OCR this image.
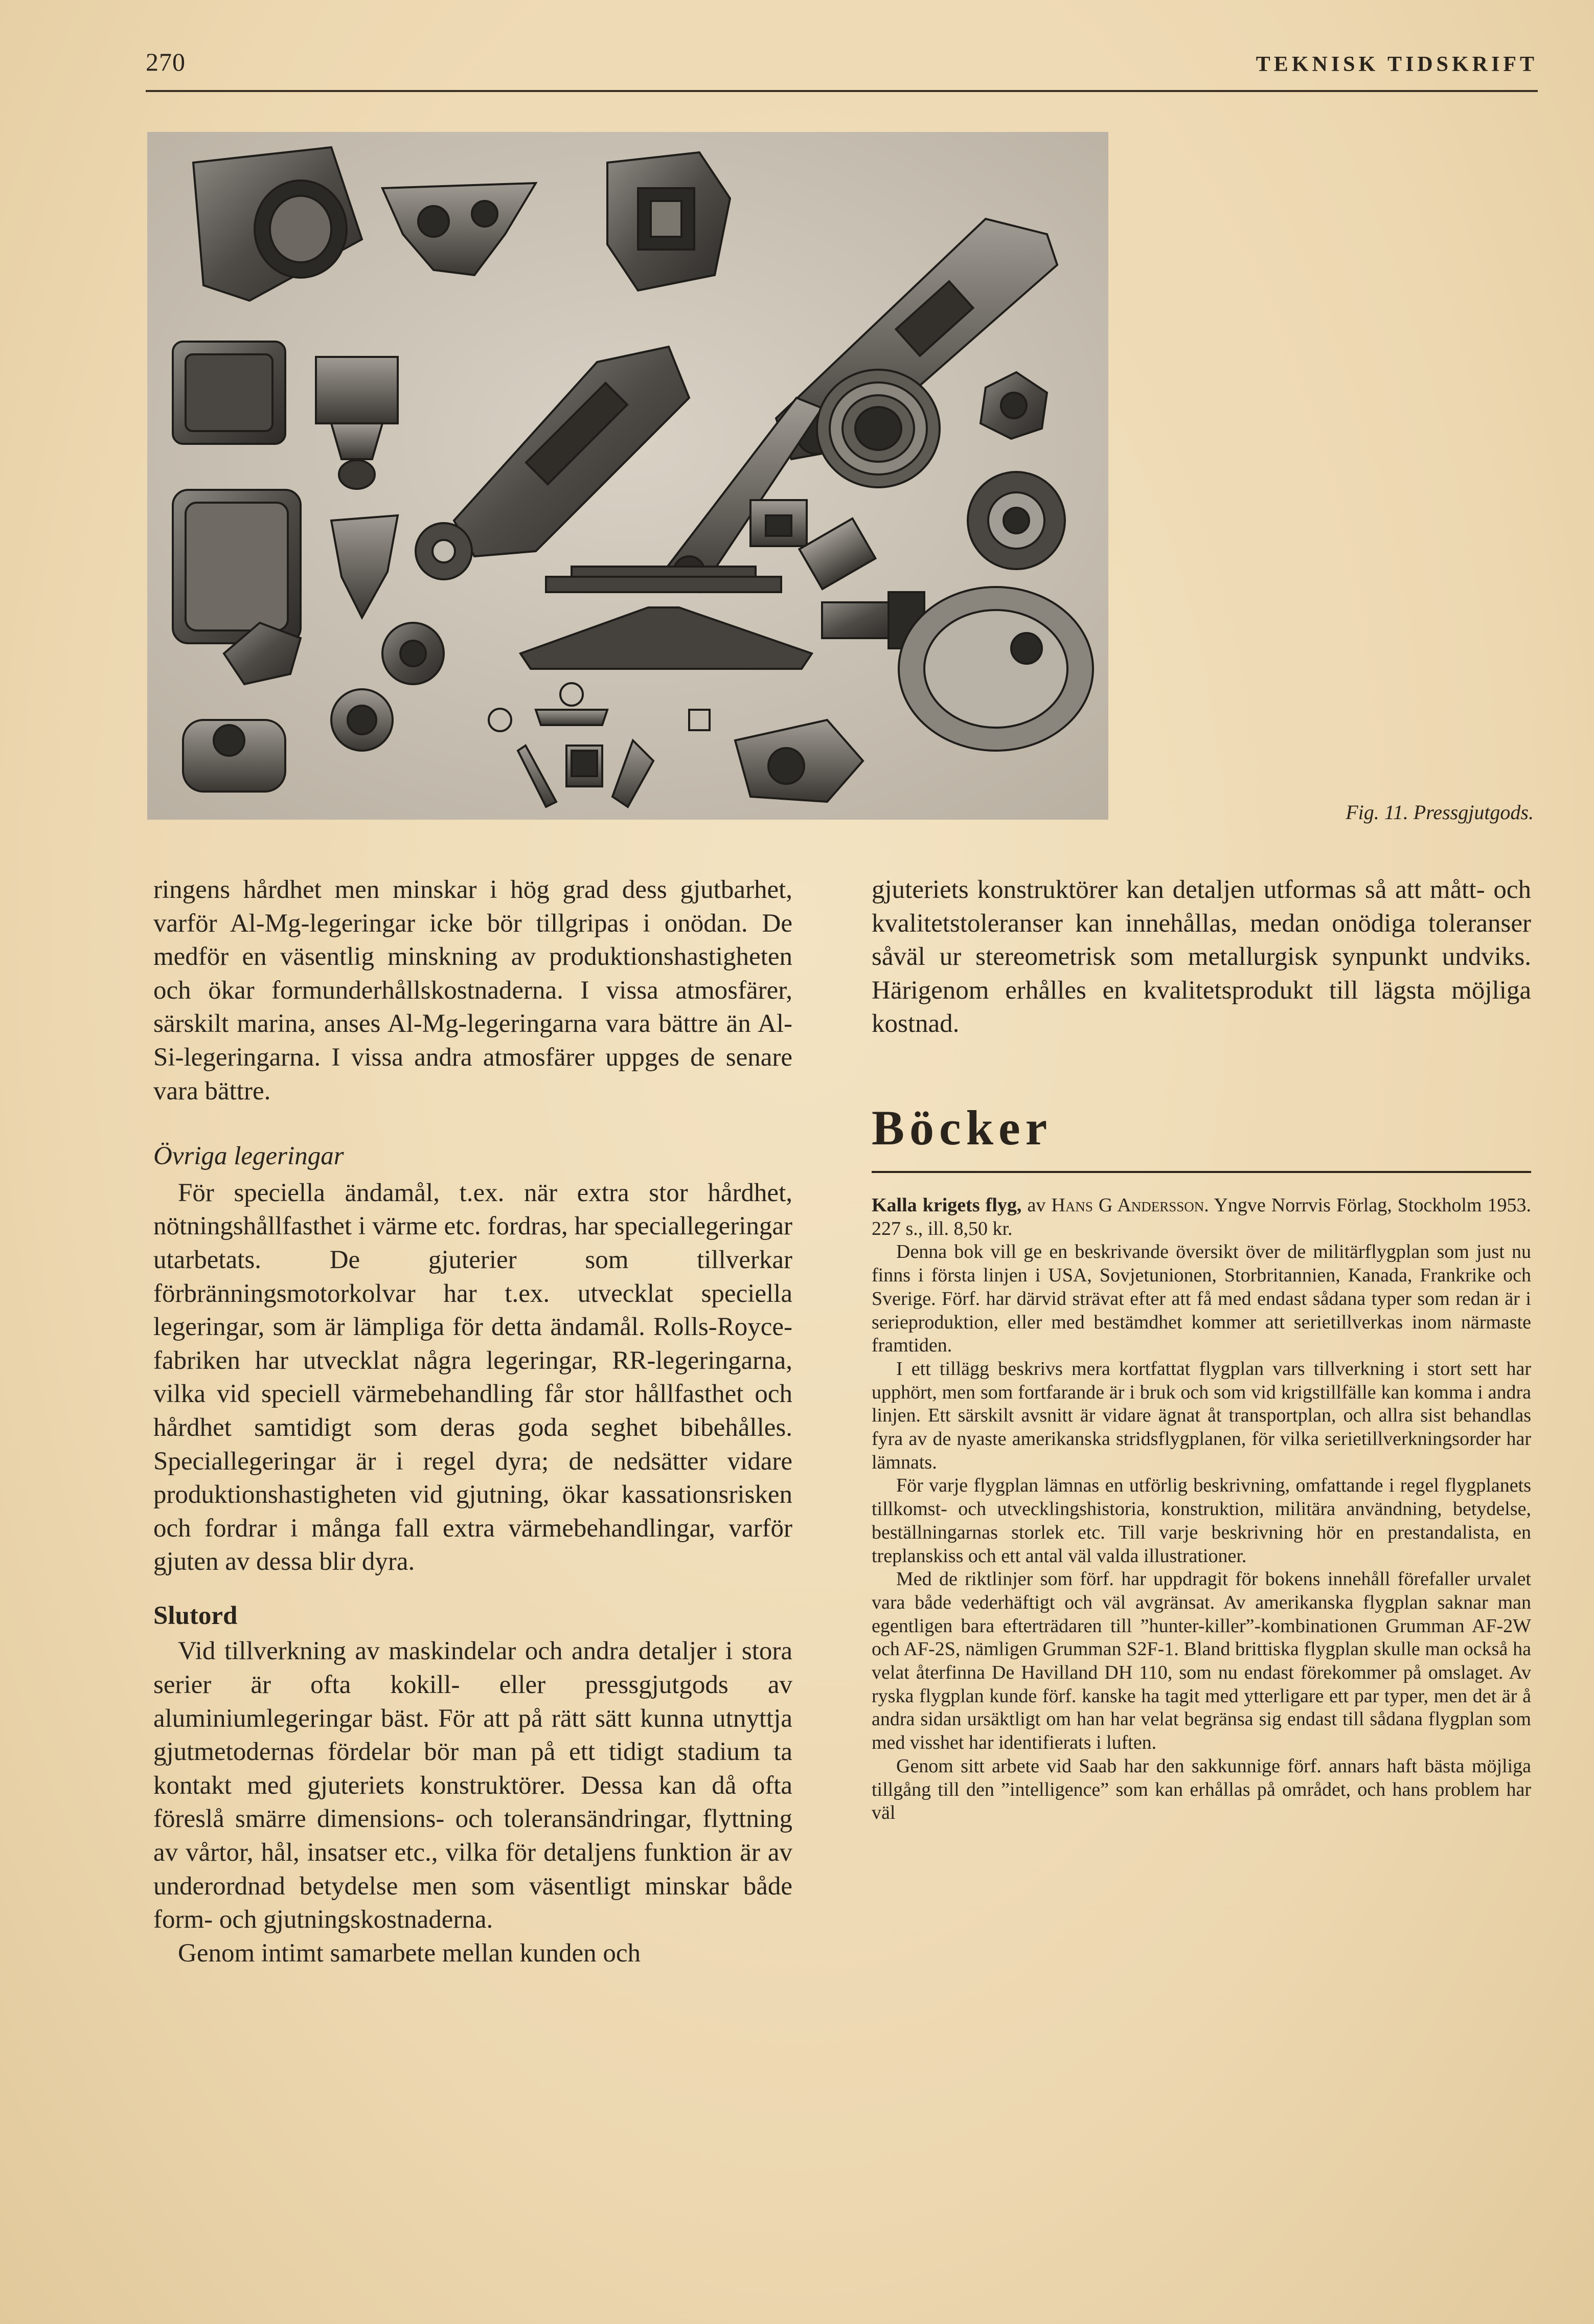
270	TEKNISK TIDSKRIFT
Fig. 11. Pressgjutgods.

ringens hårdhet men minskar i hög grad dess gjutbarhet, varför Al-Mg-legeringar icke bör tillgripas i onödan. De medför en väsentlig minskning av produktionshastigheten och ökar formunderhållskostnaderna. I vissa atmosfärer, särskilt marina, anses Al-Mg-legeringarna vara bättre än Al-Si-legeringarna. I vissa andra atmosfärer uppges de senare vara bättre.

Övriga legeringar

För speciella ändamål, t.ex. när extra stor hårdhet, nötningshållfasthet i värme etc. fordras, har speciallegeringar utarbetats. De gjuterier som tillverkar förbränningsmotorkolvar har t.ex. utvecklat speciella legeringar, som är lämpliga för detta ändamål. Rolls-Royce-fabriken har utvecklat några legeringar, RR-legeringarna, vilka vid speciell värmebehandling får stor hållfasthet och hårdhet samtidigt som deras goda seghet bibehålles. Speciallegeringar är i regel dyra; de nedsätter vidare produktionshastigheten vid gjutning, ökar kassationsrisken och fordrar i många fall extra värmebehandlingar, varför gjuten av dessa blir dyra.

Slutord

Vid tillverkning av maskindelar och andra detaljer i stora serier är ofta kokill- eller pressgjutgods av aluminiumlegeringar bäst. För att på rätt sätt kunna utnyttja gjutmetodernas fördelar bör man på ett tidigt stadium ta kontakt med gjuteriets konstruktörer. Dessa kan då ofta föreslå smärre dimensions- och toleransändringar, flyttning av vårtor, hål, insatser etc., vilka för detaljens funktion är av underordnad betydelse men som väsentligt minskar både form- och gjutningskostnaderna.

Genom intimt samarbete mellan kunden och

gjuteriets konstruktörer kan detaljen utformas så att mått- och kvalitetstoleranser kan innehållas, medan onödiga toleranser såväl ur stereometrisk som metallurgisk synpunkt undviks. Härigenom erhålles en kvalitetsprodukt till lägsta möjliga kostnad.

Böcker

Kalla krigets flyg, av Hans G Andersson. Yngve Norrvis Förlag, Stockholm 1953. 227 s., ill. 8,50 kr.

Denna bok vill ge en beskrivande översikt över de militärflygplan som just nu finns i första linjen i USA, Sovjetunionen, Storbritannien, Kanada, Frankrike och Sverige. Förf. har därvid strävat efter att få med endast sådana typer som redan är i serieproduktion, eller med bestämdhet kommer att serietillverkas inom närmaste framtiden.

I ett tillägg beskrivs mera kortfattat flygplan vars tillverkning i stort sett har upphört, men som fortfarande är i bruk och som vid krigstillfälle kan komma i andra linjen. Ett särskilt avsnitt är vidare ägnat åt transportplan, och allra sist behandlas fyra av de nyaste amerikanska stridsflygplanen, för vilka serietillverkningsorder har lämnats.

För varje flygplan lämnas en utförlig beskrivning, omfattande i regel flygplanets tillkomst- och utvecklingshistoria, konstruktion, militära användning, betydelse, beställningarnas storlek etc. Till varje beskrivning hör en prestandalista, en treplanskiss och ett antal väl valda illustrationer.

Med de riktlinjer som förf. har uppdragit för bokens innehåll förefaller urvalet vara både vederhäftigt och väl avgränsat. Av amerikanska flygplan saknar man egentligen bara efterträdaren till ”hunter-killer”-kombinationen Grumman AF-2W och AF-2S, nämligen Grumman S2F-1. Bland brittiska flygplan skulle man också ha velat återfinna De Havilland DH 110, som nu endast förekommer på omslaget. Av ryska flygplan kunde förf. kanske ha tagit med ytterligare ett par typer, men det är å andra sidan ursäktligt om han har velat begränsa sig endast till sådana flygplan som med visshet har identifierats i luften.

Genom sitt arbete vid Saab har den sakkunnige förf. annars haft bästa möjliga tillgång till den ”intelligence” som kan erhållas på området, och hans problem har väl
